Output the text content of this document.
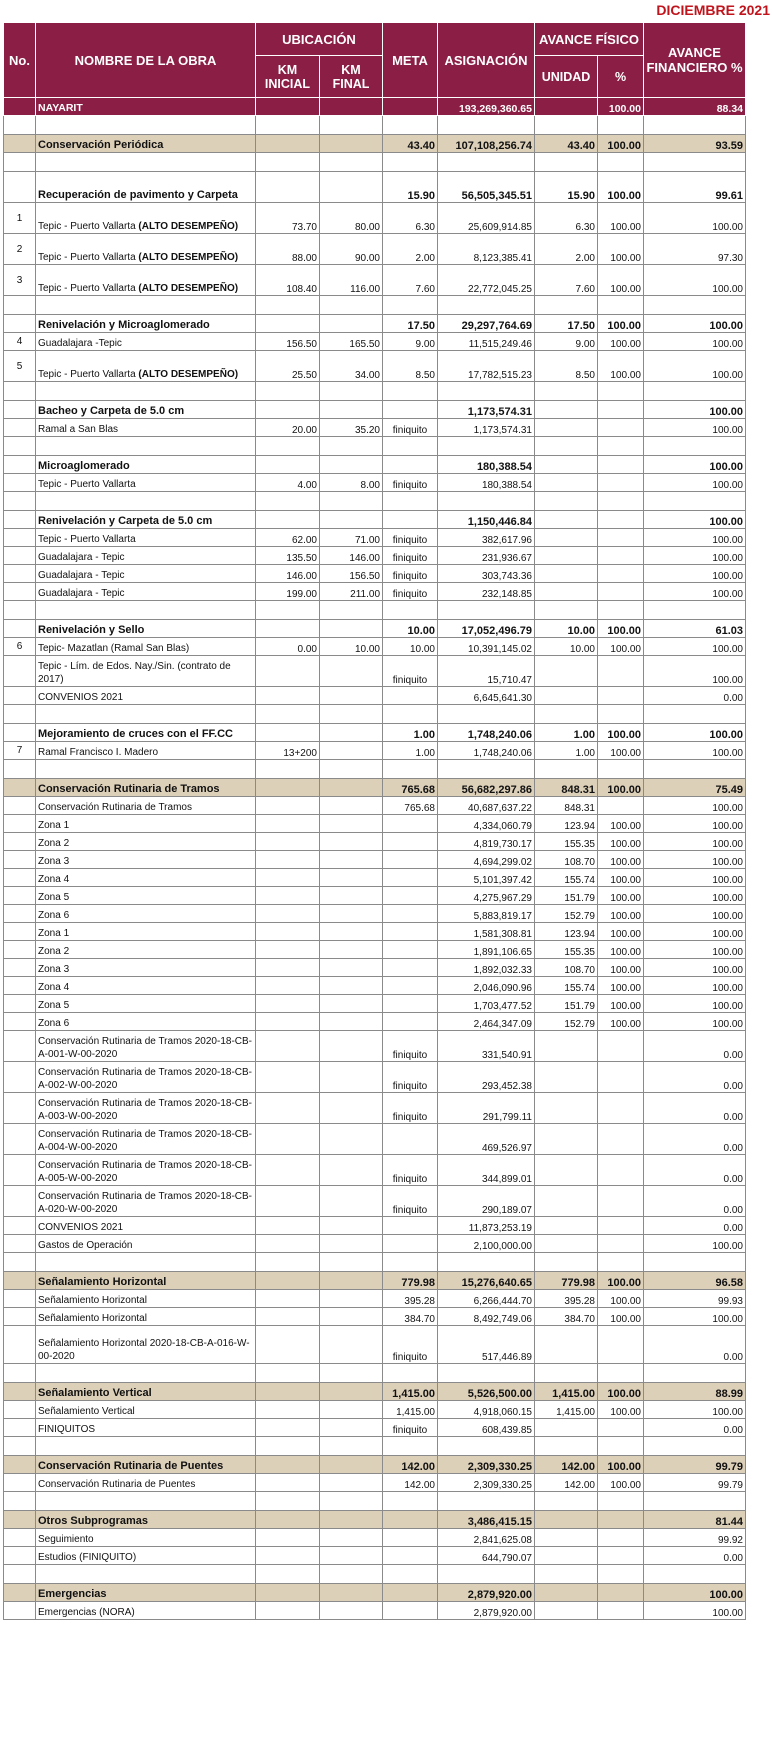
DICIEMBRE 2021
No.	NOMBRE DE LA OBRA	UBICACIÓN		META	ASIGNACIÓN	AVANCE FÍSICO		AVANCE FINANCIERO %
		KM INICIAL	KM FINAL			UNIDAD	%	
	NAYARIT				193,269,360.65		100.00	88.34

	Conservación Periódica			43.40	107,108,256.74	43.40	100.00	93.59

	Recuperación de pavimento y Carpeta			15.90	56,505,345.51	15.90	100.00	99.61
1	Tepic - Puerto Vallarta (ALTO DESEMPEÑO)	73.70	80.00	6.30	25,609,914.85	6.30	100.00	100.00
2	Tepic - Puerto Vallarta (ALTO DESEMPEÑO)	88.00	90.00	2.00	8,123,385.41	2.00	100.00	97.30
3	Tepic - Puerto Vallarta (ALTO DESEMPEÑO)	108.40	116.00	7.60	22,772,045.25	7.60	100.00	100.00

	Renivelación y Microaglomerado			17.50	29,297,764.69	17.50	100.00	100.00
4	Guadalajara -Tepic	156.50	165.50	9.00	11,515,249.46	9.00	100.00	100.00
5	Tepic - Puerto Vallarta (ALTO DESEMPEÑO)	25.50	34.00	8.50	17,782,515.23	8.50	100.00	100.00

	Bacheo y Carpeta de 5.0 cm				1,173,574.31			100.00
	Ramal a San Blas	20.00	35.20	finiquito	1,173,574.31			100.00

	Microaglomerado				180,388.54			100.00
	Tepic - Puerto Vallarta	4.00	8.00	finiquito	180,388.54			100.00

	Renivelación y Carpeta de 5.0 cm				1,150,446.84			100.00
	Tepic - Puerto Vallarta	62.00	71.00	finiquito	382,617.96			100.00
	Guadalajara - Tepic	135.50	146.00	finiquito	231,936.67			100.00
	Guadalajara - Tepic	146.00	156.50	finiquito	303,743.36			100.00
	Guadalajara - Tepic	199.00	211.00	finiquito	232,148.85			100.00

	Renivelación y Sello			10.00	17,052,496.79	10.00	100.00	61.03
6	Tepic- Mazatlan (Ramal San Blas)	0.00	10.00	10.00	10,391,145.02	10.00	100.00	100.00
	Tepic - Lím. de Edos. Nay./Sin. (contrato de 2017)			finiquito	15,710.47			100.00
	CONVENIOS 2021				6,645,641.30			0.00

	Mejoramiento de cruces con el FF.CC			1.00	1,748,240.06	1.00	100.00	100.00
7	Ramal Francisco I. Madero	13+200		1.00	1,748,240.06	1.00	100.00	100.00

	Conservación Rutinaria de Tramos			765.68	56,682,297.86	848.31	100.00	75.49
	Conservación Rutinaria de Tramos			765.68	40,687,637.22	848.31		100.00
	Zona 1				4,334,060.79	123.94	100.00	100.00
	Zona 2				4,819,730.17	155.35	100.00	100.00
	Zona 3				4,694,299.02	108.70	100.00	100.00
	Zona 4				5,101,397.42	155.74	100.00	100.00
	Zona 5				4,275,967.29	151.79	100.00	100.00
	Zona 6				5,883,819.17	152.79	100.00	100.00
	Zona 1				1,581,308.81	123.94	100.00	100.00
	Zona 2				1,891,106.65	155.35	100.00	100.00
	Zona 3				1,892,032.33	108.70	100.00	100.00
	Zona 4				2,046,090.96	155.74	100.00	100.00
	Zona 5				1,703,477.52	151.79	100.00	100.00
	Zona 6				2,464,347.09	152.79	100.00	100.00
	Conservación Rutinaria de Tramos 2020-18-CB-A-001-W-00-2020			finiquito	331,540.91			0.00
	Conservación Rutinaria de Tramos 2020-18-CB-A-002-W-00-2020			finiquito	293,452.38			0.00
	Conservación Rutinaria de Tramos 2020-18-CB-A-003-W-00-2020			finiquito	291,799.11			0.00
	Conservación Rutinaria de Tramos 2020-18-CB-A-004-W-00-2020				469,526.97			0.00
	Conservación Rutinaria de Tramos 2020-18-CB-A-005-W-00-2020			finiquito	344,899.01			0.00
	Conservación Rutinaria de Tramos 2020-18-CB-A-020-W-00-2020			finiquito	290,189.07			0.00
	CONVENIOS 2021				11,873,253.19			0.00
	Gastos de Operación				2,100,000.00			100.00

	Señalamiento Horizontal			779.98	15,276,640.65	779.98	100.00	96.58
	Señalamiento Horizontal			395.28	6,266,444.70	395.28	100.00	99.93
	Señalamiento Horizontal			384.70	8,492,749.06	384.70	100.00	100.00
	Señalamiento Horizontal 2020-18-CB-A-016-W-00-2020			finiquito	517,446.89			0.00

	Señalamiento Vertical			1,415.00	5,526,500.00	1,415.00	100.00	88.99
	Señalamiento Vertical			1,415.00	4,918,060.15	1,415.00	100.00	100.00
	FINIQUITOS			finiquito	608,439.85			0.00

	Conservación Rutinaria de Puentes			142.00	2,309,330.25	142.00	100.00	99.79
	Conservación Rutinaria de Puentes			142.00	2,309,330.25	142.00	100.00	99.79

	Otros Subprogramas				3,486,415.15			81.44
	Seguimiento				2,841,625.08			99.92
	Estudios (FINIQUITO)				644,790.07			0.00

	Emergencias				2,879,920.00			100.00
	Emergencias (NORA)				2,879,920.00			100.00
